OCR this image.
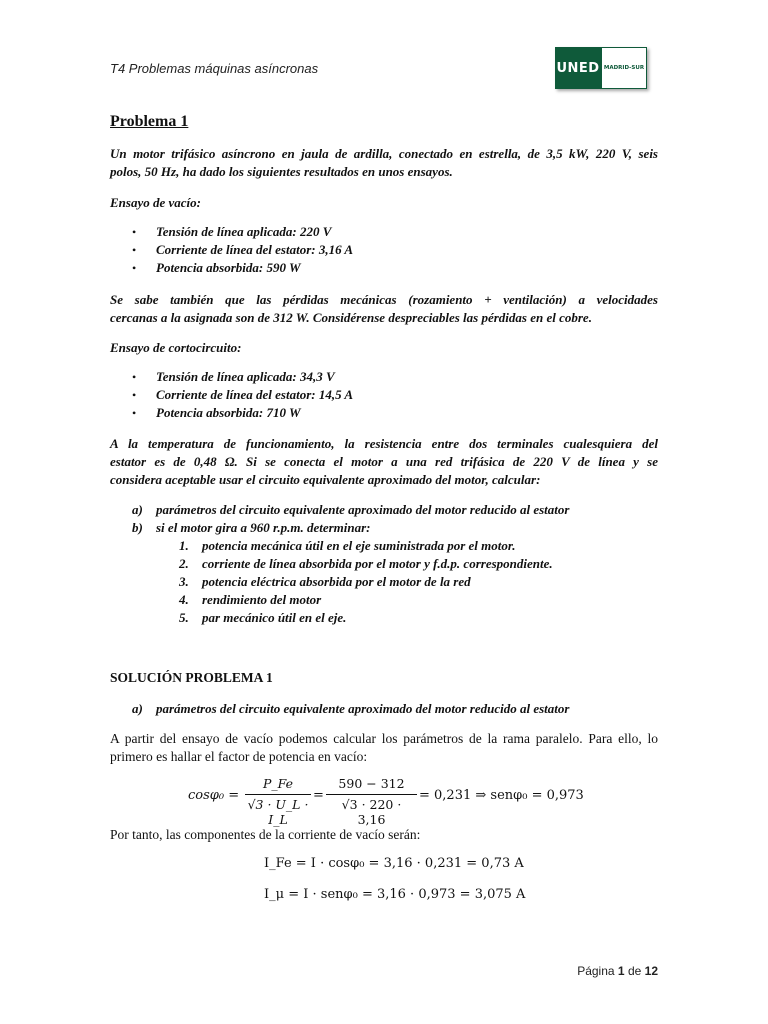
T4 Problemas máquinas asíncronas	UNED MADRID-SUR
Problema 1
Un motor trifásico asíncrono en jaula de ardilla, conectado en estrella, de 3,5 kW, 220 V, seis
polos, 50 Hz, ha dado los siguientes resultados en unos ensayos.
Ensayo de vacío:
• Tensión de línea aplicada: 220 V
• Corriente de línea del estator: 3,16 A
• Potencia absorbida: 590 W
Se sabe también que las pérdidas mecánicas (rozamiento + ventilación) a velocidades
cercanas a la asignada son de 312 W. Considérense despreciables las pérdidas en el cobre.
Ensayo de cortocircuito:
• Tensión de línea aplicada: 34,3 V
• Corriente de línea del estator: 14,5 A
• Potencia absorbida: 710 W
A la temperatura de funcionamiento, la resistencia entre dos terminales cualesquiera del
estator es de 0,48 Ω. Si se conecta el motor a una red trifásica de 220 V de línea y se
considera aceptable usar el circuito equivalente aproximado del motor, calcular:
a) parámetros del circuito equivalente aproximado del motor reducido al estator
b) si el motor gira a 960 r.p.m. determinar:
1. potencia mecánica útil en el eje suministrada por el motor.
2. corriente de línea absorbida por el motor y f.d.p. correspondiente.
3. potencia eléctrica absorbida por el motor de la red
4. rendimiento del motor
5. par mecánico útil en el eje.
SOLUCIÓN PROBLEMA 1
a) parámetros del circuito equivalente aproximado del motor reducido al estator
A partir del ensayo de vacío podemos calcular los parámetros de la rama paralelo. Para ello, lo
primero es hallar el factor de potencia en vacío:
cosφ₀ =
P_Fe
√3 · U_L · I_L
=
590 − 312
√3 · 220 · 3,16
= 0,231 ⇒ senφ₀ = 0,973
Por tanto, las componentes de la corriente de vacío serán:
I_Fe = I · cosφ₀ = 3,16 · 0,231 = 0,73 A
I_μ = I · senφ₀ = 3,16 · 0,973 = 3,075 A
Página 1 de 12
